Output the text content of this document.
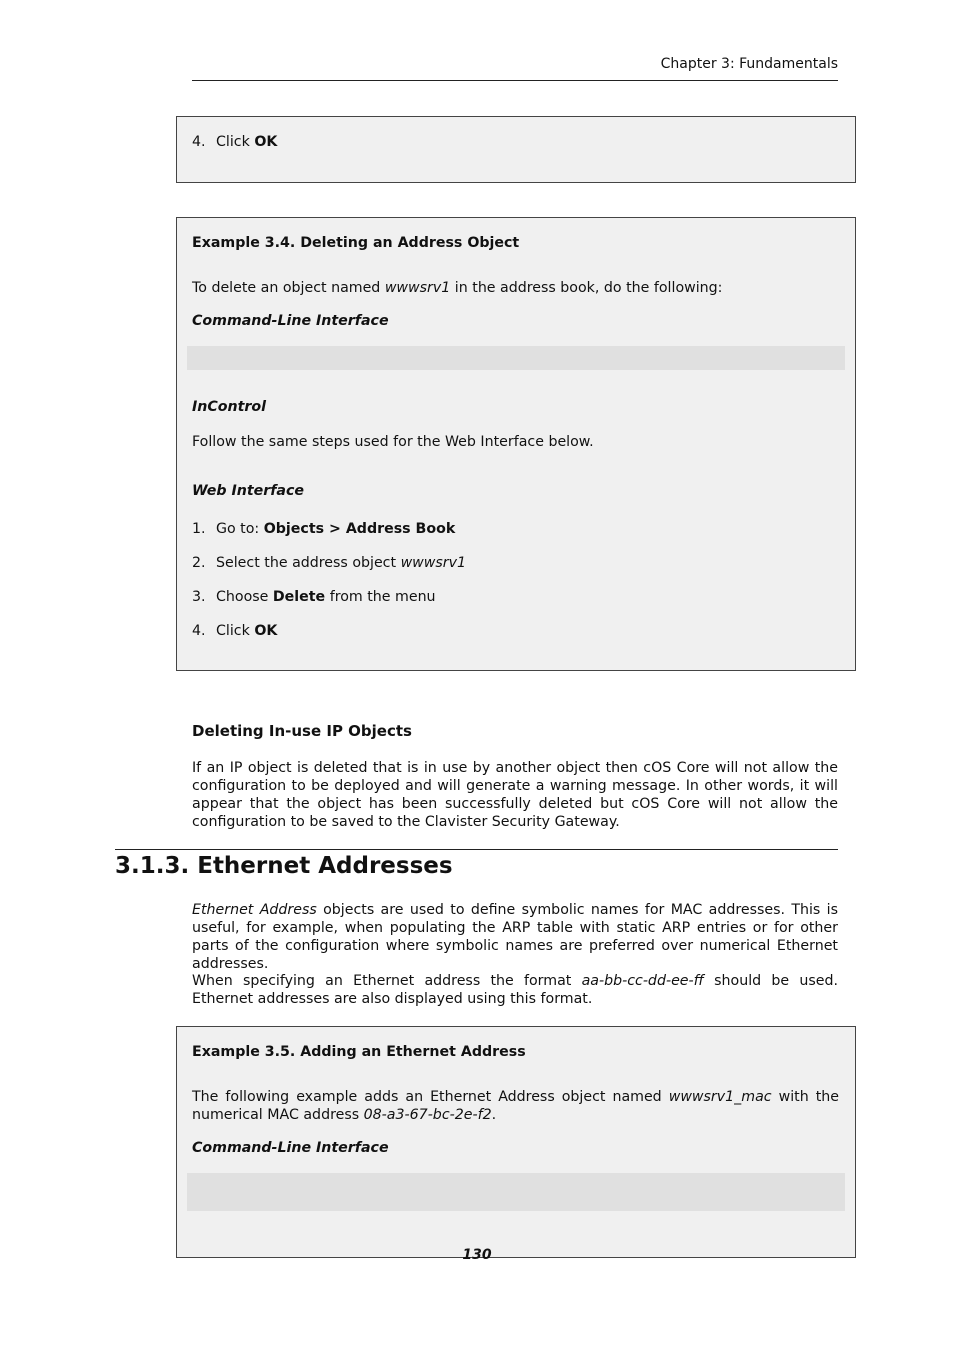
Chapter 3: Fundamentals
4. Click OK
Example 3.4. Deleting an Address Object
To delete an object named wwwsrv1 in the address book, do the following:
Command-Line Interface
InControl
Follow the same steps used for the Web Interface below.
Web Interface
1. Go to: Objects > Address Book
2. Select the address object wwwsrv1
3. Choose Delete from the menu
4. Click OK
Deleting In-use IP Objects
If an IP object is deleted that is in use by another object then cOS Core will not allow the configuration to be deployed and will generate a warning message. In other words, it will appear that the object has been successfully deleted but cOS Core will not allow the configuration to be saved to the Clavister Security Gateway.
3.1.3. Ethernet Addresses
Ethernet Address objects are used to define symbolic names for MAC addresses. This is useful, for example, when populating the ARP table with static ARP entries or for other parts of the configuration where symbolic names are preferred over numerical Ethernet addresses.
When specifying an Ethernet address the format aa-bb-cc-dd-ee-ff should be used. Ethernet addresses are also displayed using this format.
Example 3.5. Adding an Ethernet Address
The following example adds an Ethernet Address object named wwwsrv1_mac with the numerical MAC address 08-a3-67-bc-2e-f2.
Command-Line Interface
130
